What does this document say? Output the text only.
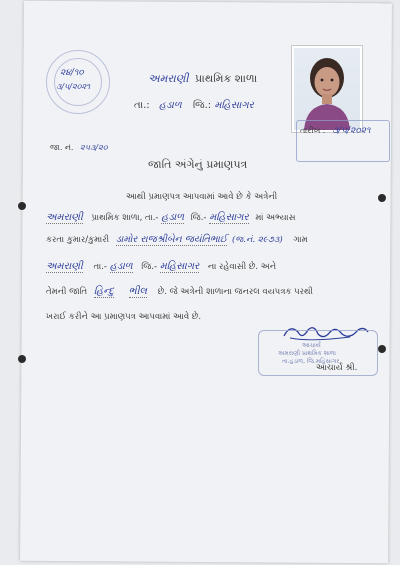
૨૪/૧૦
૩/૫/૨૦૨૧
અમરાણી પ્રાથમિક શાળા
તા.: હડાળ જિ.: મહિસાગર
જા. નં. ૨૫૩/૨૦
તારીખ : ૩/૫/૨૦૨૧
જાતિ અંગેનું પ્રમાણપત્ર
આથી પ્રમાણપત્ર આપવામાં આવે છે કે અત્રેની
અમરાણી પ્રાથમિક શાળા, તા.- હડાળ જિ.- મહિસાગર માં અભ્યાસ
કરતા કુમાર/કુમારી ડામોર રાજશ્રીબેન જયંતિભાઈ (જ.નં. ૨૯૭૩) ગામ
અમરાણી તા.- હડાળ જિ.- મહિસાગર ના રહેવાસી છે. અને
તેમની જાતિ હિન્દુ ભીલ છે. જે અત્રેની શાળાના જનરલ વયપત્રક પરથી
ખરાઈ કરીને આ પ્રમાણપત્ર આપવામાં આવે છે.
આચાર્ય
અમરાણી પ્રાથમિક શાળા
તા.હડાળ, જિ.મહિસાગર
આચાર્ય શ્રી.
